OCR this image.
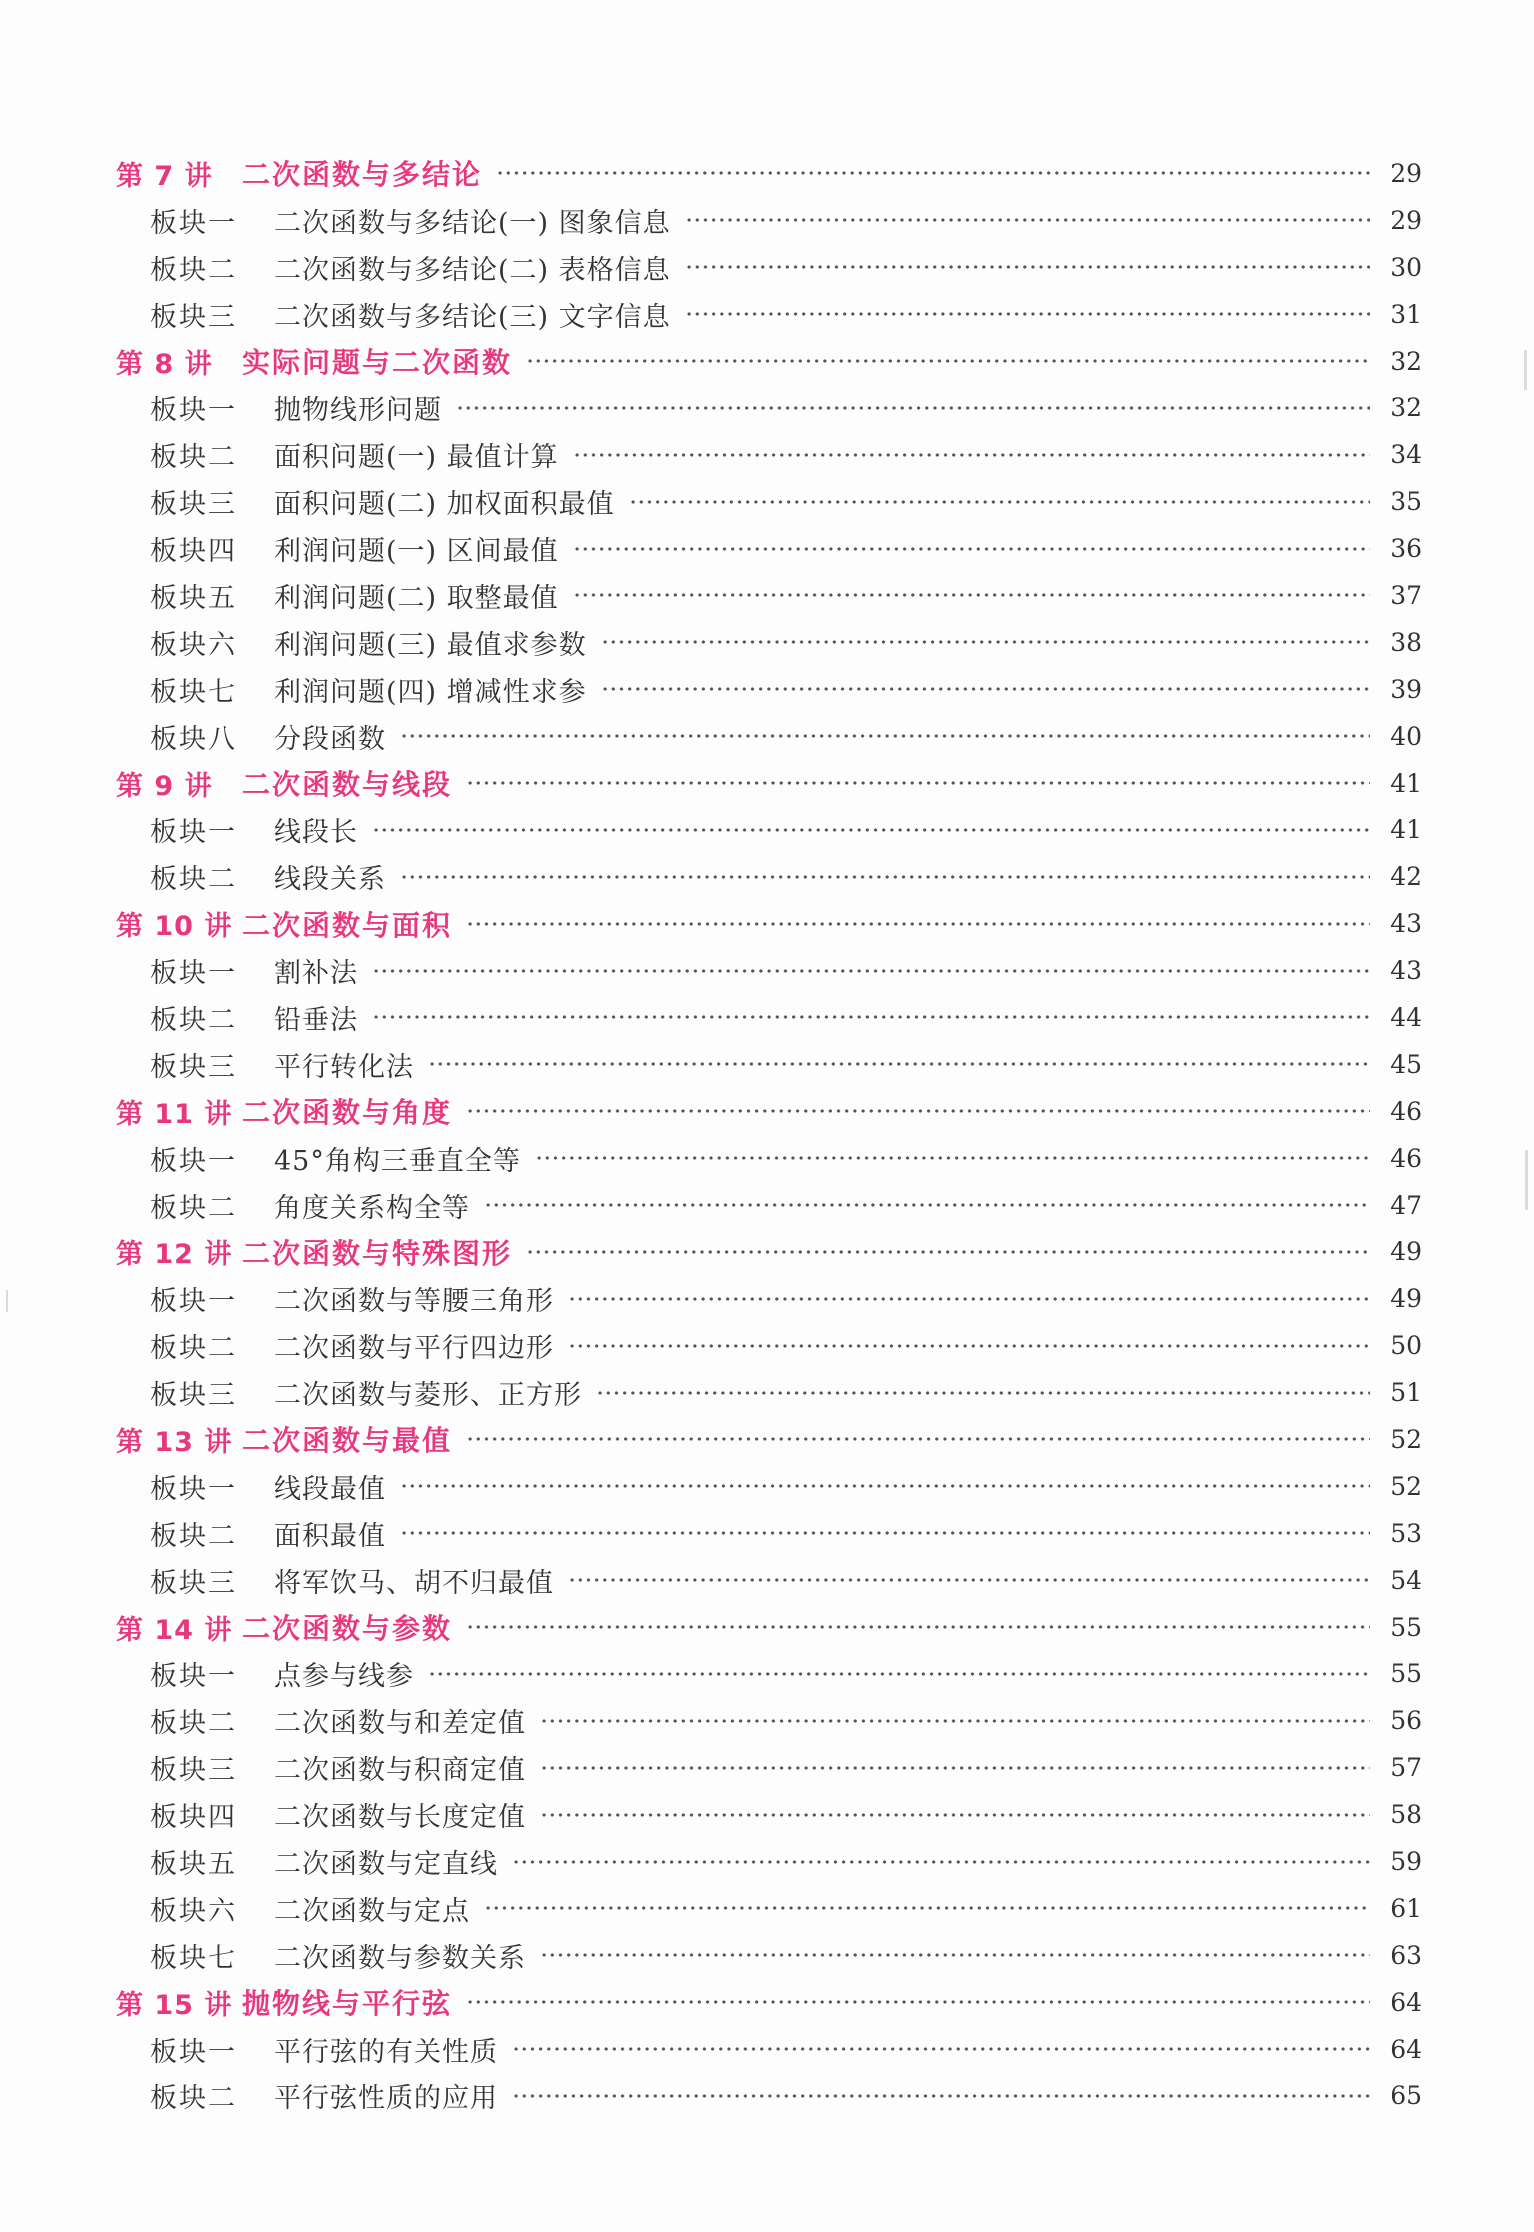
第 7 讲	二次函数与多结论	29
板块一	二次函数与多结论(一) 图象信息	29
板块二	二次函数与多结论(二) 表格信息	30
板块三	二次函数与多结论(三) 文字信息	31
第 8 讲	实际问题与二次函数	32
板块一	抛物线形问题	32
板块二	面积问题(一) 最值计算	34
板块三	面积问题(二) 加权面积最值	35
板块四	利润问题(一) 区间最值	36
板块五	利润问题(二) 取整最值	37
板块六	利润问题(三) 最值求参数	38
板块七	利润问题(四) 增减性求参	39
板块八	分段函数	40
第 9 讲	二次函数与线段	41
板块一	线段长	41
板块二	线段关系	42
第 10 讲 二次函数与面积	43
板块一	割补法	43
板块二	铅垂法	44
板块三	平行转化法	45
第 11 讲 二次函数与角度	46
板块一	45°角构三垂直全等	46
板块二	角度关系构全等	47
第 12 讲 二次函数与特殊图形	49
板块一	二次函数与等腰三角形	49
板块二	二次函数与平行四边形	50
板块三	二次函数与菱形、正方形	51
第 13 讲 二次函数与最值	52
板块一	线段最值	52
板块二	面积最值	53
板块三	将军饮马、胡不归最值	54
第 14 讲 二次函数与参数	55
板块一	点参与线参	55
板块二	二次函数与和差定值	56
板块三	二次函数与积商定值	57
板块四	二次函数与长度定值	58
板块五	二次函数与定直线	59
板块六	二次函数与定点	61
板块七	二次函数与参数关系	63
第 15 讲 抛物线与平行弦	64
板块一	平行弦的有关性质	64
板块二	平行弦性质的应用	65
